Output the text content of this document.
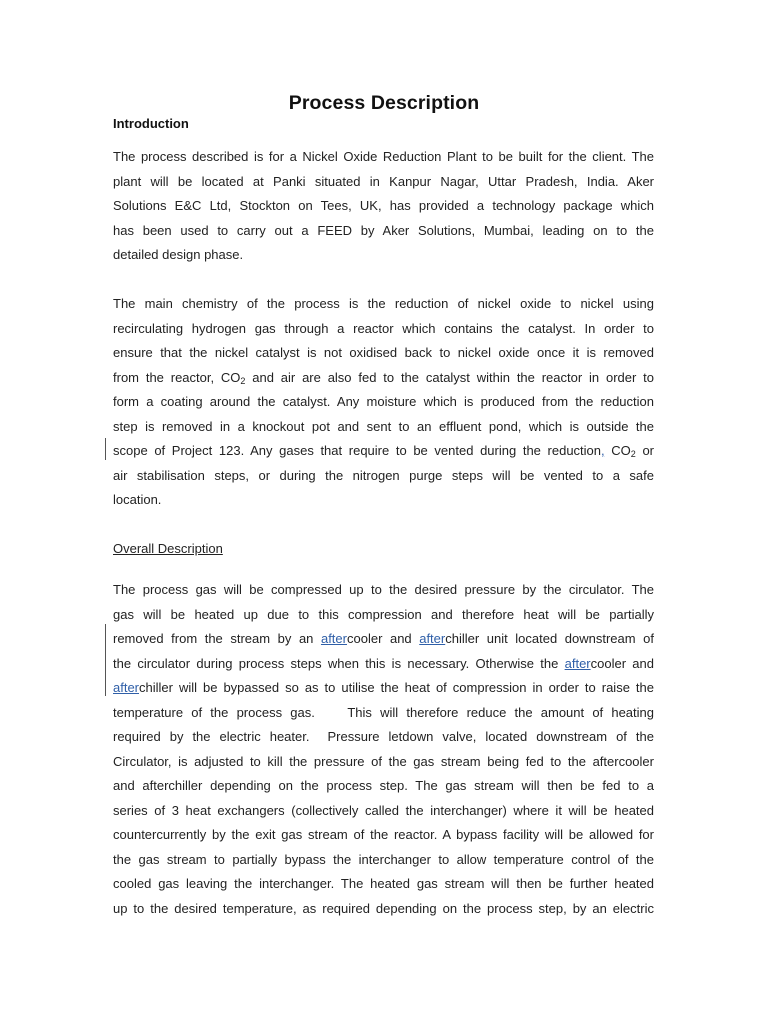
Process Description
Introduction
The process described is for a Nickel Oxide Reduction Plant to be built for the client. The
plant will be located at Panki situated in Kanpur Nagar, Uttar Pradesh, India. Aker
Solutions E&C Ltd, Stockton on Tees, UK, has provided a technology package which
has been used to carry out a FEED by Aker Solutions, Mumbai, leading on to the
detailed design phase.
The main chemistry of the process is the reduction of nickel oxide to nickel using
recirculating hydrogen gas through a reactor which contains the catalyst. In order to
ensure that the nickel catalyst is not oxidised back to nickel oxide once it is removed
from the reactor, $CO_2$ and air are also fed to the catalyst within the reactor in order to
form a coating around the catalyst. Any moisture which is produced from the reduction
step is removed in a knockout pot and sent to an effluent pond, which is outside the
scope of Project 123. Any gases that require to be vented during the reduction, $CO_2$ or
air stabilisation steps, or during the nitrogen purge steps will be vented to a safe
location.
Overall Description
The process gas will be compressed up to the desired pressure by the circulator. The
gas will be heated up due to this compression and therefore heat will be partially
removed from the stream by an aftercooler and afterchiller unit located downstream of
the circulator during process steps when this is necessary. Otherwise the aftercooler and
afterchiller will be bypassed so as to utilise the heat of compression in order to raise the
temperature of the process gas.    This will therefore reduce the amount of heating
required by the electric heater.  Pressure letdown valve, located downstream of the
Circulator, is adjusted to kill the pressure of the gas stream being fed to the aftercooler
and afterchiller depending on the process step. The gas stream will then be fed to a
series of 3 heat exchangers (collectively called the interchanger) where it will be heated
countercurrently by the exit gas stream of the reactor. A bypass facility will be allowed for
the gas stream to partially bypass the interchanger to allow temperature control of the
cooled gas leaving the interchanger. The heated gas stream will then be further heated
up to the desired temperature, as required depending on the process step, by an electric
